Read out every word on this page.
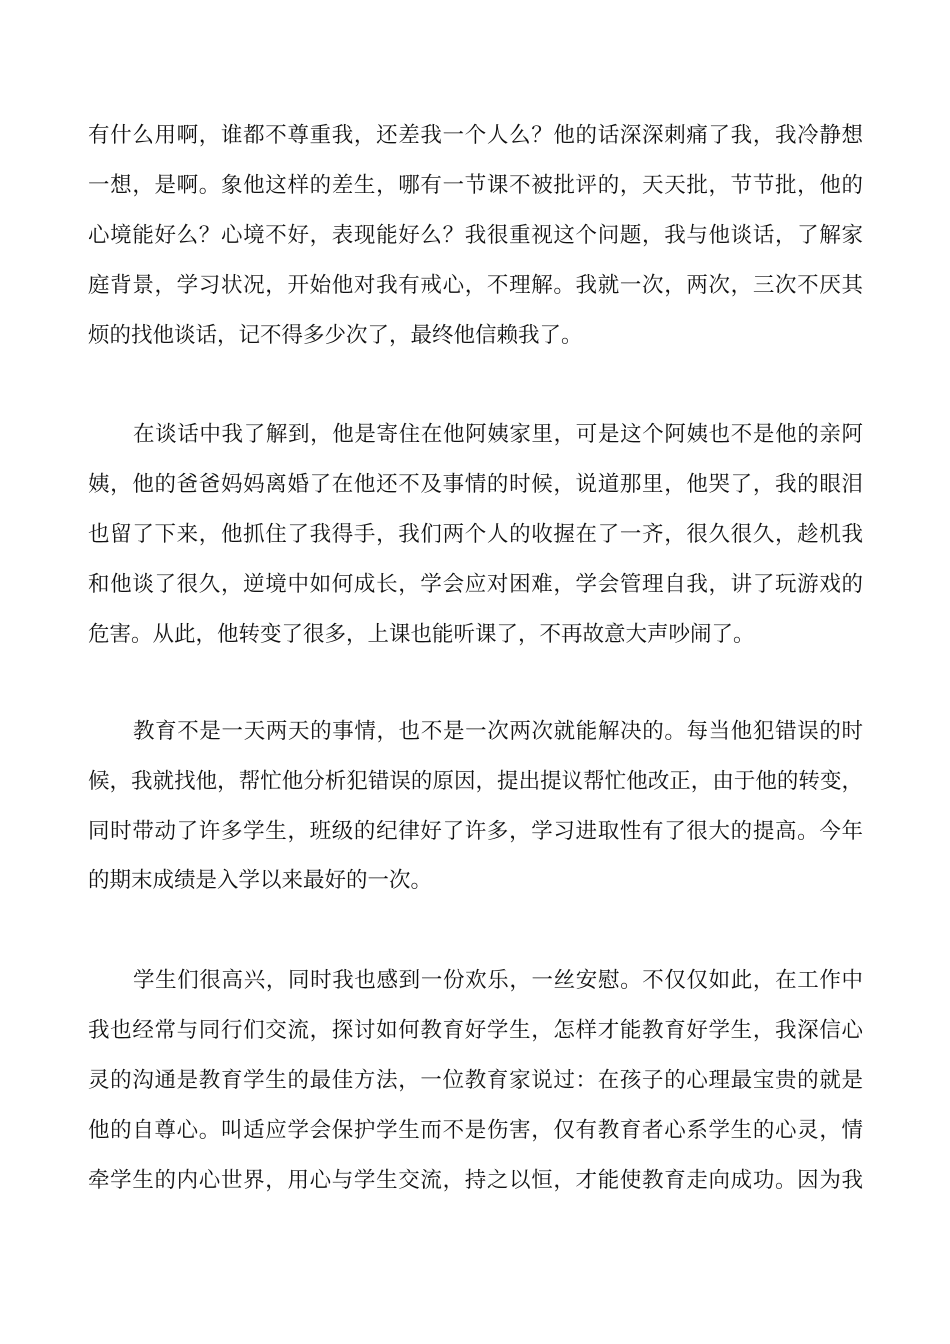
有什么用啊，谁都不尊重我，还差我一个人么？他的话深深刺痛了我，我冷静想
一想，是啊。象他这样的差生，哪有一节课不被批评的，天天批，节节批，他的
心境能好么？心境不好，表现能好么？我很重视这个问题，我与他谈话，了解家
庭背景，学习状况，开始他对我有戒心，不理解。我就一次，两次，三次不厌其
烦的找他谈话，记不得多少次了，最终他信赖我了。
在谈话中我了解到，他是寄住在他阿姨家里，可是这个阿姨也不是他的亲阿
姨，他的爸爸妈妈离婚了在他还不及事情的时候，说道那里，他哭了，我的眼泪
也留了下来，他抓住了我得手，我们两个人的收握在了一齐，很久很久，趁机我
和他谈了很久，逆境中如何成长，学会应对困难，学会管理自我，讲了玩游戏的
危害。从此，他转变了很多，上课也能听课了，不再故意大声吵闹了。
教育不是一天两天的事情，也不是一次两次就能解决的。每当他犯错误的时
候，我就找他，帮忙他分析犯错误的原因，提出提议帮忙他改正，由于他的转变，
同时带动了许多学生，班级的纪律好了许多，学习进取性有了很大的提高。今年
的期末成绩是入学以来最好的一次。
学生们很高兴，同时我也感到一份欢乐，一丝安慰。不仅仅如此，在工作中
我也经常与同行们交流，探讨如何教育好学生，怎样才能教育好学生，我深信心
灵的沟通是教育学生的最佳方法，一位教育家说过：在孩子的心理最宝贵的就是
他的自尊心。叫适应学会保护学生而不是伤害，仅有教育者心系学生的心灵，情
牵学生的内心世界，用心与学生交流，持之以恒，才能使教育走向成功。因为我
